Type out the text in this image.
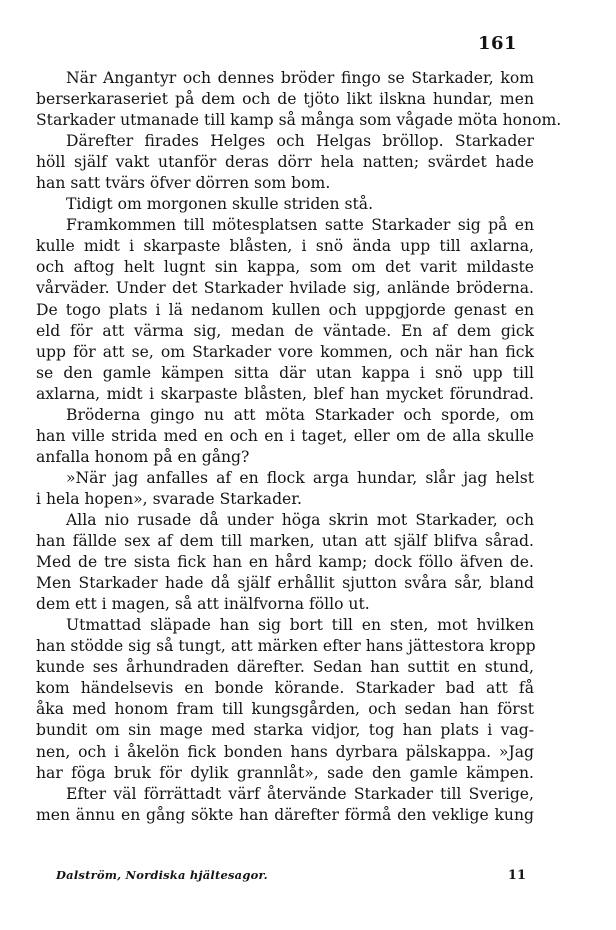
161
När Angantyr och dennes bröder fingo se Starkader, kom
berserkaraseriet på dem och de tjöto likt ilskna hundar, men
Starkader utmanade till kamp så många som vågade möta honom.
Därefter firades Helges och Helgas bröllop. Starkader
höll själf vakt utanför deras dörr hela natten; svärdet hade
han satt tvärs öfver dörren som bom.
Tidigt om morgonen skulle striden stå.
Framkommen till mötesplatsen satte Starkader sig på en
kulle midt i skarpaste blåsten, i snö ända upp till axlarna,
och aftog helt lugnt sin kappa, som om det varit mildaste
vårväder. Under det Starkader hvilade sig, anlände bröderna.
De togo plats i lä nedanom kullen och uppgjorde genast en
eld för att värma sig, medan de väntade. En af dem gick
upp för att se, om Starkader vore kommen, och när han fick
se den gamle kämpen sitta där utan kappa i snö upp till
axlarna, midt i skarpaste blåsten, blef han mycket förundrad.
Bröderna gingo nu att möta Starkader och sporde, om
han ville strida med en och en i taget, eller om de alla skulle
anfalla honom på en gång?
»När jag anfalles af en flock arga hundar, slår jag helst
i hela hopen», svarade Starkader.
Alla nio rusade då under höga skrin mot Starkader, och
han fällde sex af dem till marken, utan att själf blifva sårad.
Med de tre sista fick han en hård kamp; dock föllo äfven de.
Men Starkader hade då själf erhållit sjutton svåra sår, bland
dem ett i magen, så att inälfvorna föllo ut.
Utmattad släpade han sig bort till en sten, mot hvilken
han stödde sig så tungt, att märken efter hans jättestora kropp
kunde ses århundraden därefter. Sedan han suttit en stund,
kom händelsevis en bonde körande. Starkader bad att få
åka med honom fram till kungsgården, och sedan han först
bundit om sin mage med starka vidjor, tog han plats i vag-
nen, och i åkelön fick bonden hans dyrbara pälskappa. »Jag
har föga bruk för dylik grannlåt», sade den gamle kämpen.
Efter väl förrättadt värf återvände Starkader till Sverige,
men ännu en gång sökte han därefter förmå den veklige kung
Dalström, Nordiska hjältesagor.	11
